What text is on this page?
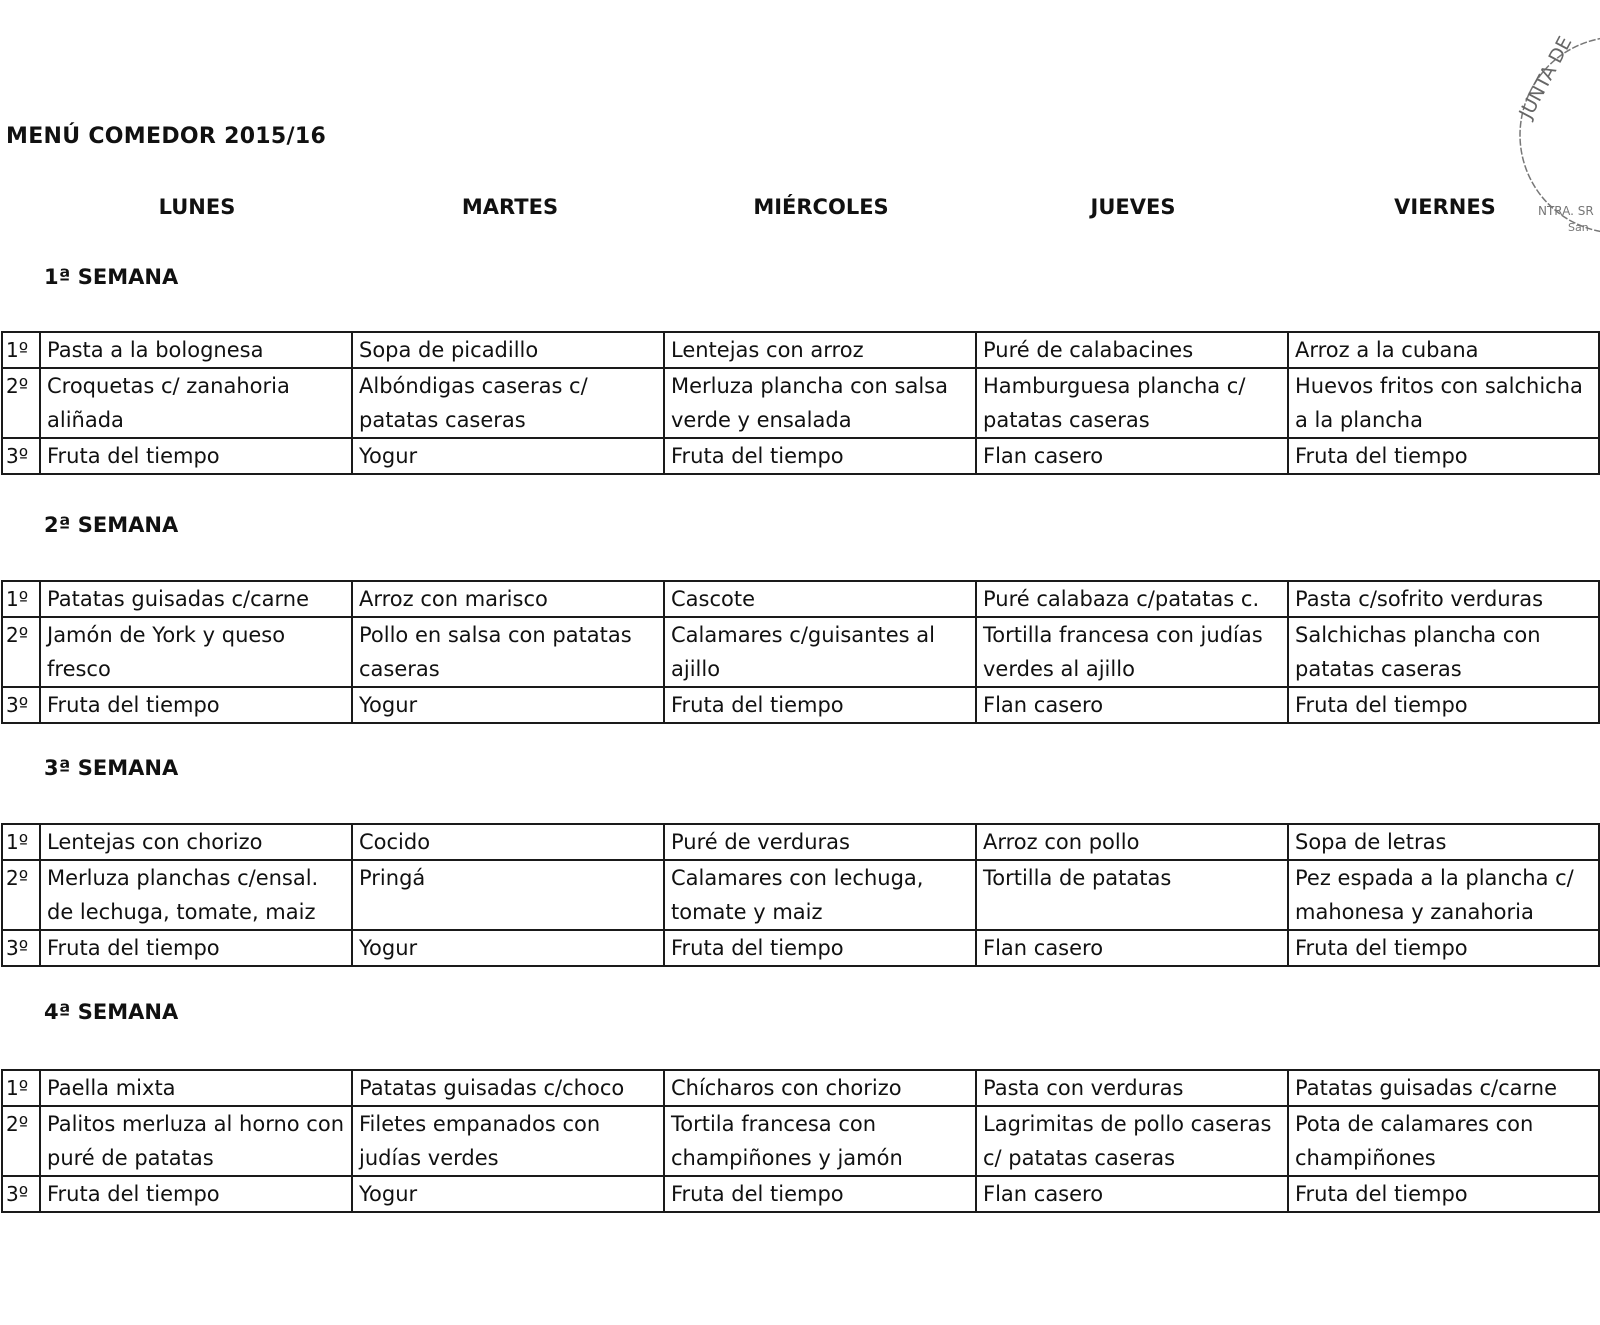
MENÚ COMEDOR 2015/16
LUNES	MARTES	MIÉRCOLES	JUEVES	VIERNES
JUNTA DE
NTRA. SR
San
1ª SEMANA
1º	Pasta a la bolognesa	Sopa de picadillo	Lentejas con arroz	Puré de calabacines	Arroz a la cubana
2º	Croquetas c/ zanahoria aliñada	Albóndigas caseras c/ patatas caseras	Merluza plancha con salsa verde y ensalada	Hamburguesa plancha c/ patatas caseras	Huevos fritos con salchicha a la plancha
3º	Fruta del tiempo	Yogur	Fruta del tiempo	Flan casero	Fruta del tiempo
2ª SEMANA
1º	Patatas guisadas c/carne	Arroz con marisco	Cascote	Puré calabaza c/patatas c.	Pasta c/sofrito verduras
2º	Jamón de York y queso fresco	Pollo en salsa con patatas caseras	Calamares c/guisantes al ajillo	Tortilla francesa con judías verdes al ajillo	Salchichas plancha con patatas caseras
3º	Fruta del tiempo	Yogur	Fruta del tiempo	Flan casero	Fruta del tiempo
3ª SEMANA
1º	Lentejas con chorizo	Cocido	Puré de verduras	Arroz con pollo	Sopa de letras
2º	Merluza planchas c/ensal. de lechuga, tomate, maiz	Pringá	Calamares con lechuga, tomate y maiz	Tortilla de patatas	Pez espada a la plancha c/ mahonesa y zanahoria
3º	Fruta del tiempo	Yogur	Fruta del tiempo	Flan casero	Fruta del tiempo
4ª SEMANA
1º	Paella mixta	Patatas guisadas c/choco	Chícharos con chorizo	Pasta con verduras	Patatas guisadas c/carne
2º	Palitos merluza al horno con puré de patatas	Filetes empanados con judías verdes	Tortila francesa con champiñones y jamón	Lagrimitas de pollo caseras c/ patatas caseras	Pota de calamares con champiñones
3º	Fruta del tiempo	Yogur	Fruta del tiempo	Flan casero	Fruta del tiempo
